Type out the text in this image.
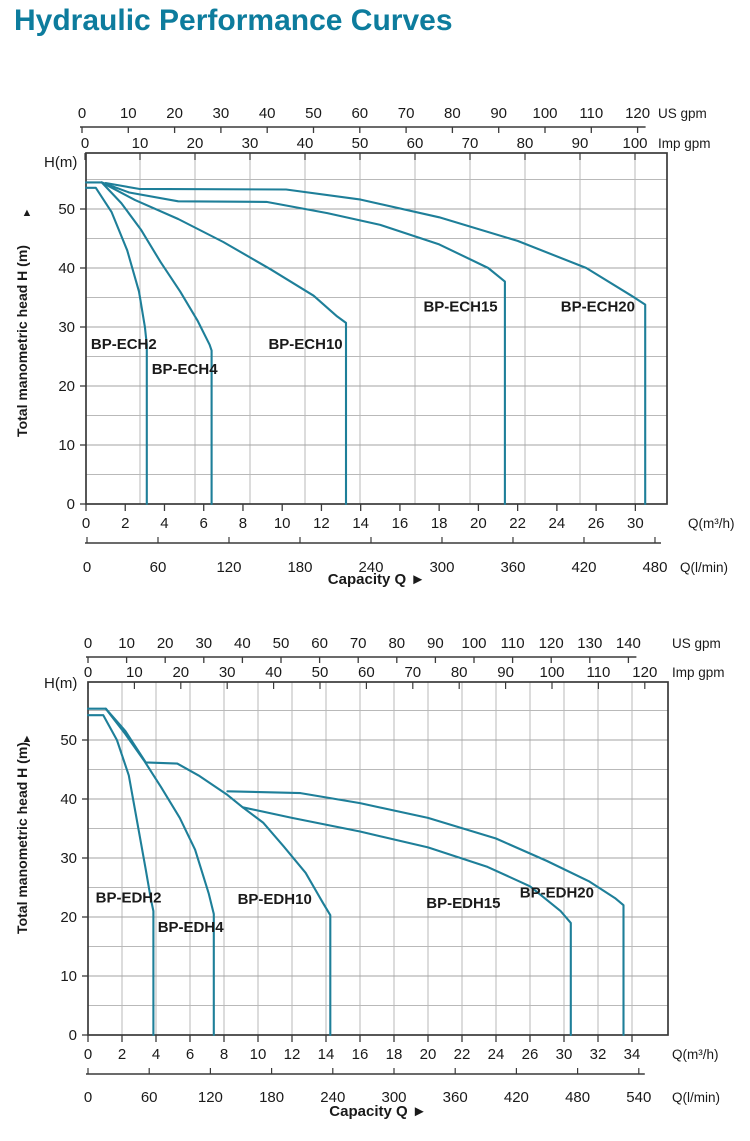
Hydraulic Performance Curves
0 10 20 30 40 50 60 70 80 90 100 110 120 US gpm
0	10	20	30	40	50	60	70	80	90 100 Imp gpm
0
10
20
30
40
50
H(m)
▲
Total manometric head H (m)
0 2 4 6 8 10 12 14 16 18 20 22 24 26 30	Q(m³/h)
0	60	120	180	240	300	360	420	480 Q(l/min)
Capacity Q ►
BP-ECH2
BP-ECH4
BP-ECH10
BP-ECH15	BP-ECH20
0 10 20 30 40 50 60 70 80 90 100 110 120 130 140 US gpm
0 10 20 30 40 50 60 70 80 90 100 110 120 Imp gpm
0
10
20
30
40
50
H(m)
▲
Total manometric head H (m)
0 2 4 6 8 10 12 14 16 18 20 22 24 26 30 32 34 Q(m³/h)
0	60	120 180 240 300 360 420 480 540 Q(l/min)
Capacity Q ►
BP-EDH2
BP-EDH4
BP-EDH10	BP-EDH15
BP-EDH20
